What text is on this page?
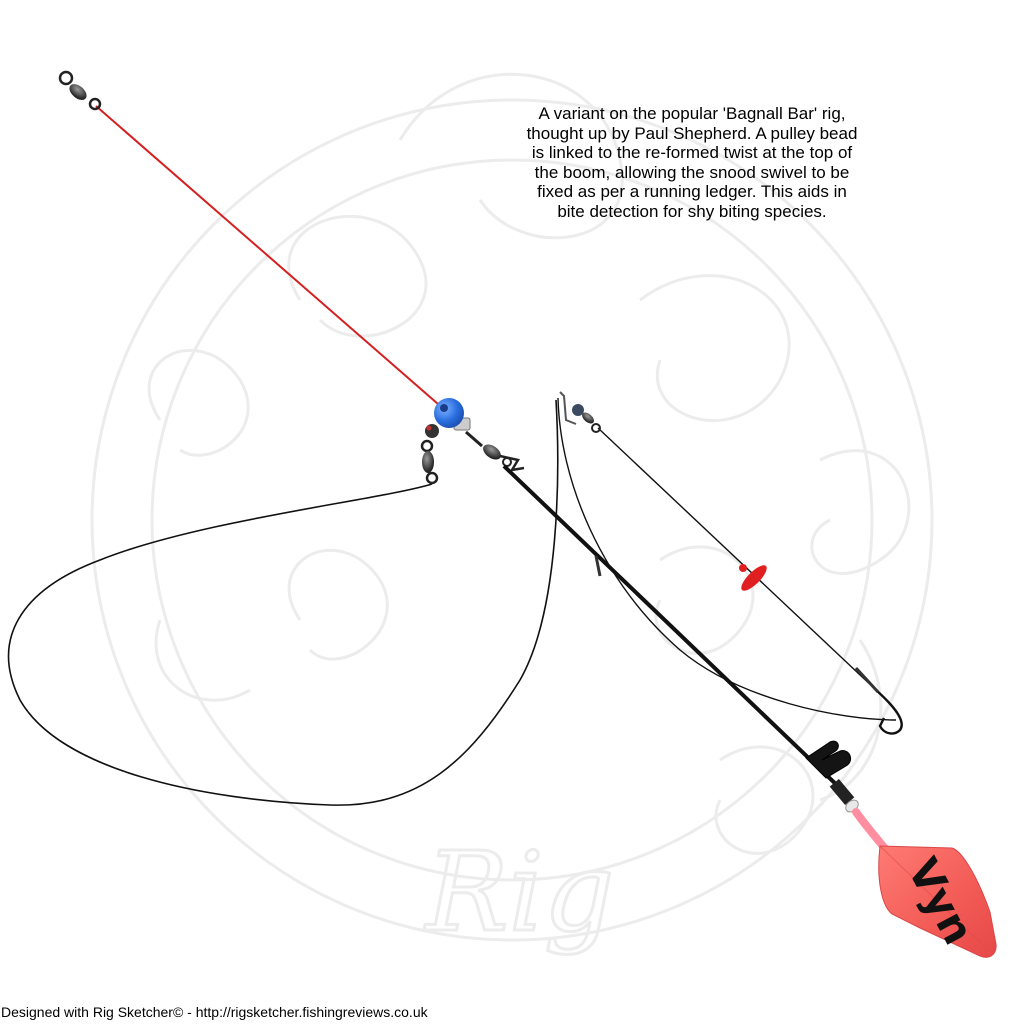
Rig	Vyn
A variant on the popular 'Bagnall Bar' rig,
thought up by Paul Shepherd. A pulley bead
is linked to the re-formed twist at the top of
the boom, allowing the snood swivel to be
fixed as per a running ledger. This aids in
bite detection for shy biting species.
Designed with Rig Sketcher© - http://rigsketcher.fishingreviews.co.uk
